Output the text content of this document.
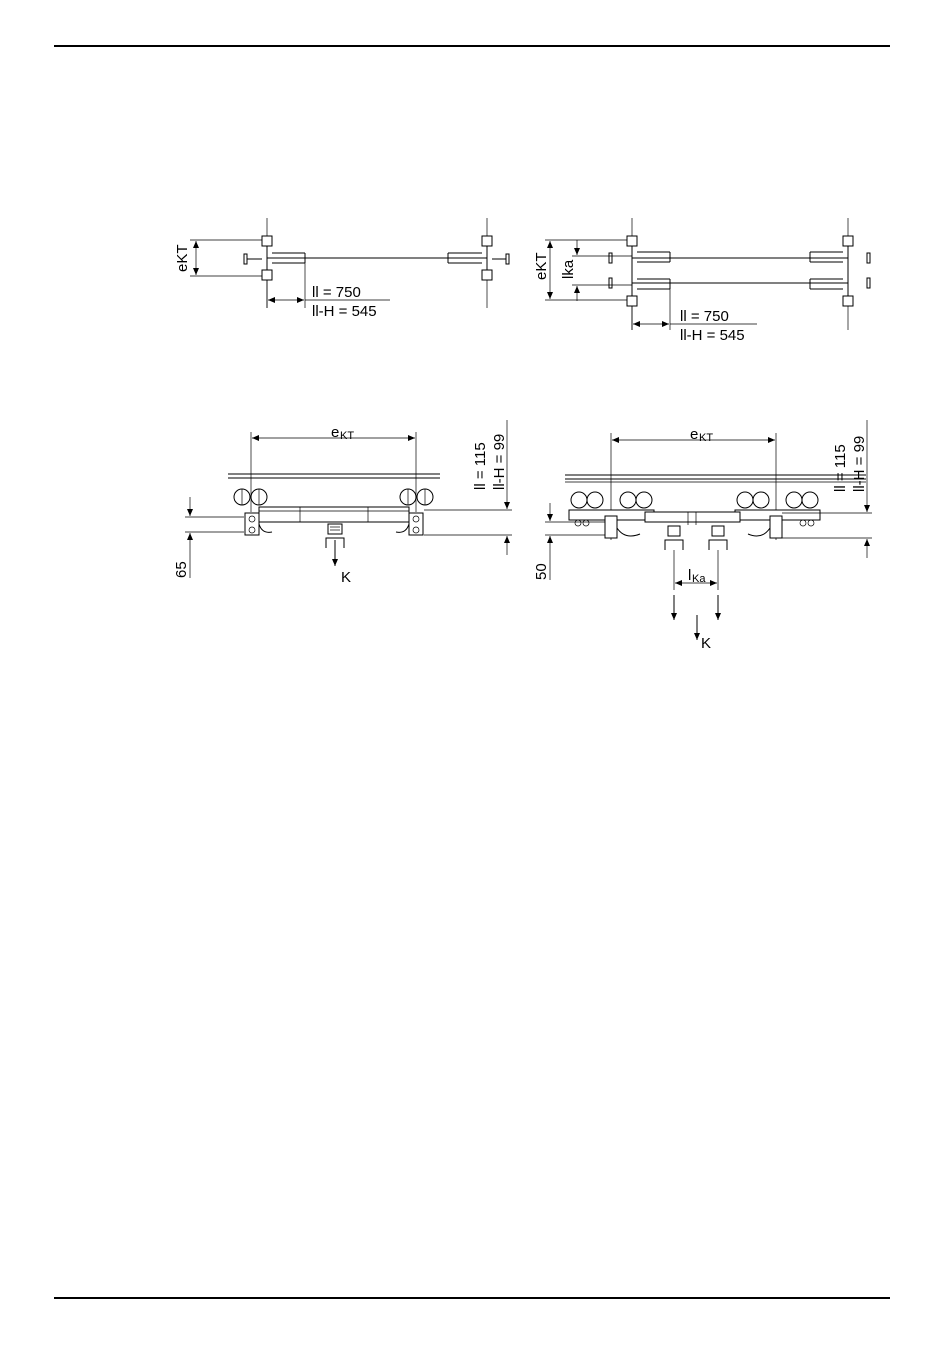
eKT
ll = 750
ll-H = 545
eKT lka
ll = 750
ll-H = 545
e KT
ll = 115 ll-H = 99
65	K
e KT
ll = 115 ll-H = 99
50	l Ka
K
